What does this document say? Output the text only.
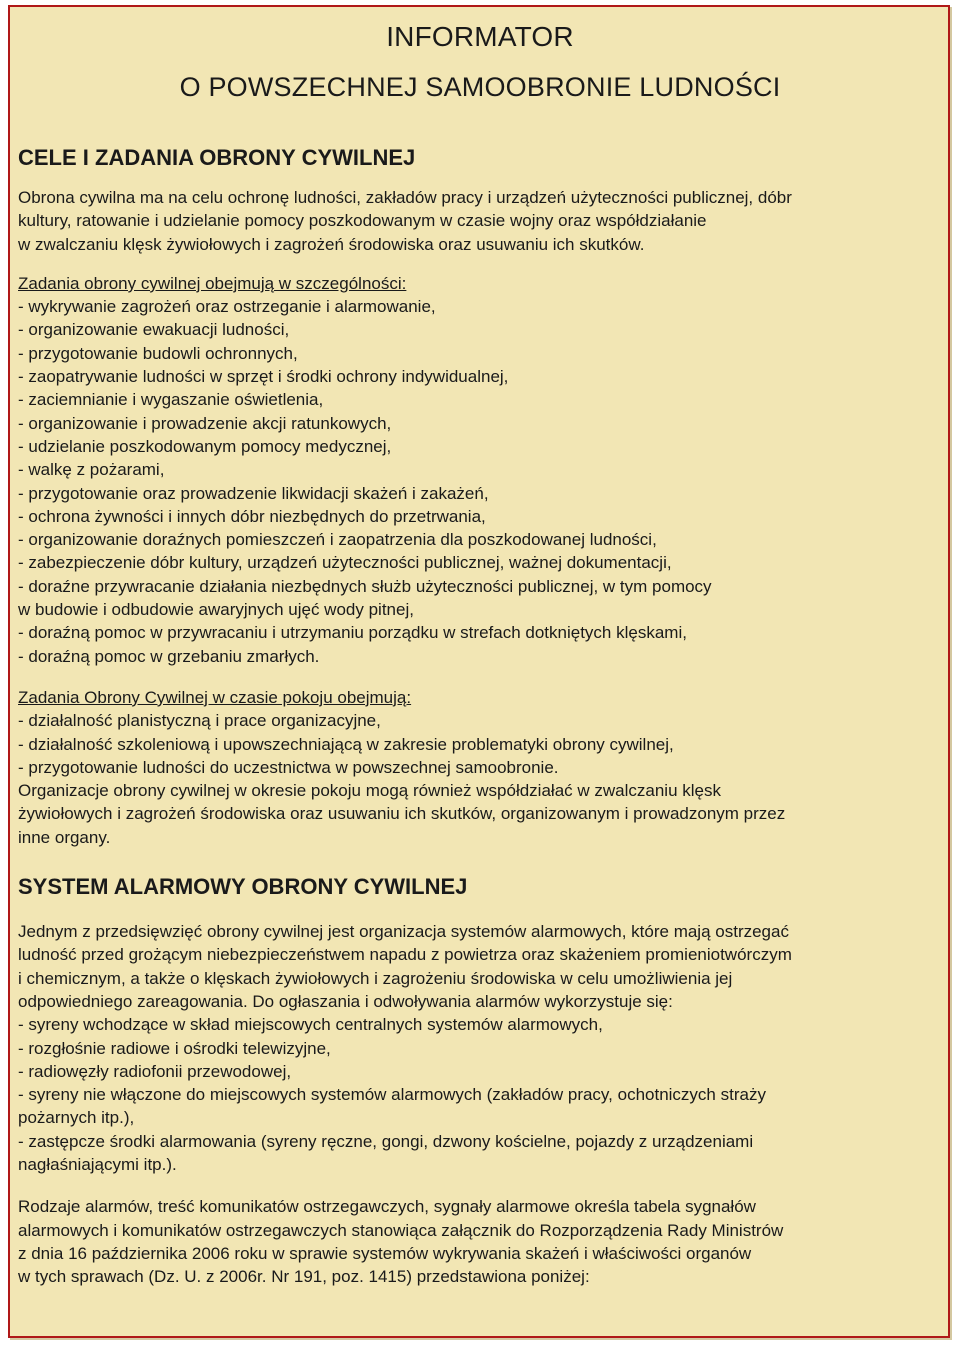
INFORMATOR
O POWSZECHNEJ SAMOOBRONIE LUDNOŚCI
CELE I ZADANIA OBRONY CYWILNEJ
Obrona cywilna ma na celu ochronę ludności, zakładów pracy i urządzeń użyteczności publicznej, dóbr
kultury, ratowanie i udzielanie pomocy poszkodowanym w czasie wojny oraz współdziałanie
w zwalczaniu klęsk żywiołowych i zagrożeń środowiska oraz usuwaniu ich skutków.
Zadania obrony cywilnej obejmują w szczególności:
- wykrywanie zagrożeń oraz ostrzeganie i alarmowanie,
- organizowanie ewakuacji ludności,
- przygotowanie budowli ochronnych,
- zaopatrywanie ludności w sprzęt i środki ochrony indywidualnej,
- zaciemnianie i wygaszanie oświetlenia,
- organizowanie i prowadzenie akcji ratunkowych,
- udzielanie poszkodowanym pomocy medycznej,
- walkę z pożarami,
- przygotowanie oraz prowadzenie likwidacji skażeń i zakażeń,
- ochrona żywności i innych dóbr niezbędnych do przetrwania,
- organizowanie doraźnych pomieszczeń i zaopatrzenia dla poszkodowanej ludności,
- zabezpieczenie dóbr kultury, urządzeń użyteczności publicznej, ważnej dokumentacji,
- doraźne przywracanie działania niezbędnych służb użyteczności publicznej, w tym pomocy
w budowie i odbudowie awaryjnych ujęć wody pitnej,
- doraźną pomoc w przywracaniu i utrzymaniu porządku w strefach dotkniętych klęskami,
- doraźną pomoc w grzebaniu zmarłych.
Zadania Obrony Cywilnej w czasie pokoju obejmują:
- działalność planistyczną i prace organizacyjne,
- działalność szkoleniową i upowszechniającą w zakresie problematyki obrony cywilnej,
- przygotowanie ludności do uczestnictwa w powszechnej samoobronie.
Organizacje obrony cywilnej w okresie pokoju mogą również współdziałać w zwalczaniu klęsk
żywiołowych i zagrożeń środowiska oraz usuwaniu ich skutków, organizowanym i prowadzonym przez
inne organy.
SYSTEM ALARMOWY OBRONY CYWILNEJ
Jednym z przedsięwzięć obrony cywilnej jest organizacja systemów alarmowych, które mają ostrzegać
ludność przed grożącym niebezpieczeństwem napadu z powietrza oraz skażeniem promieniotwórczym
i chemicznym, a także o klęskach żywiołowych i zagrożeniu środowiska w celu umożliwienia jej
odpowiedniego zareagowania. Do ogłaszania i odwoływania alarmów wykorzystuje się:
- syreny wchodzące w skład miejscowych centralnych systemów alarmowych,
- rozgłośnie radiowe i ośrodki telewizyjne,
- radiowęzły radiofonii przewodowej,
- syreny nie włączone do miejscowych systemów alarmowych (zakładów pracy, ochotniczych straży
pożarnych itp.),
- zastępcze środki alarmowania (syreny ręczne, gongi, dzwony kościelne, pojazdy z urządzeniami
nagłaśniającymi itp.).
Rodzaje alarmów, treść komunikatów ostrzegawczych, sygnały alarmowe określa tabela sygnałów
alarmowych i komunikatów ostrzegawczych stanowiąca załącznik do Rozporządzenia Rady Ministrów
z dnia 16 października 2006 roku w sprawie systemów wykrywania skażeń i właściwości organów
w tych sprawach (Dz. U. z 2006r. Nr 191, poz. 1415) przedstawiona poniżej:
